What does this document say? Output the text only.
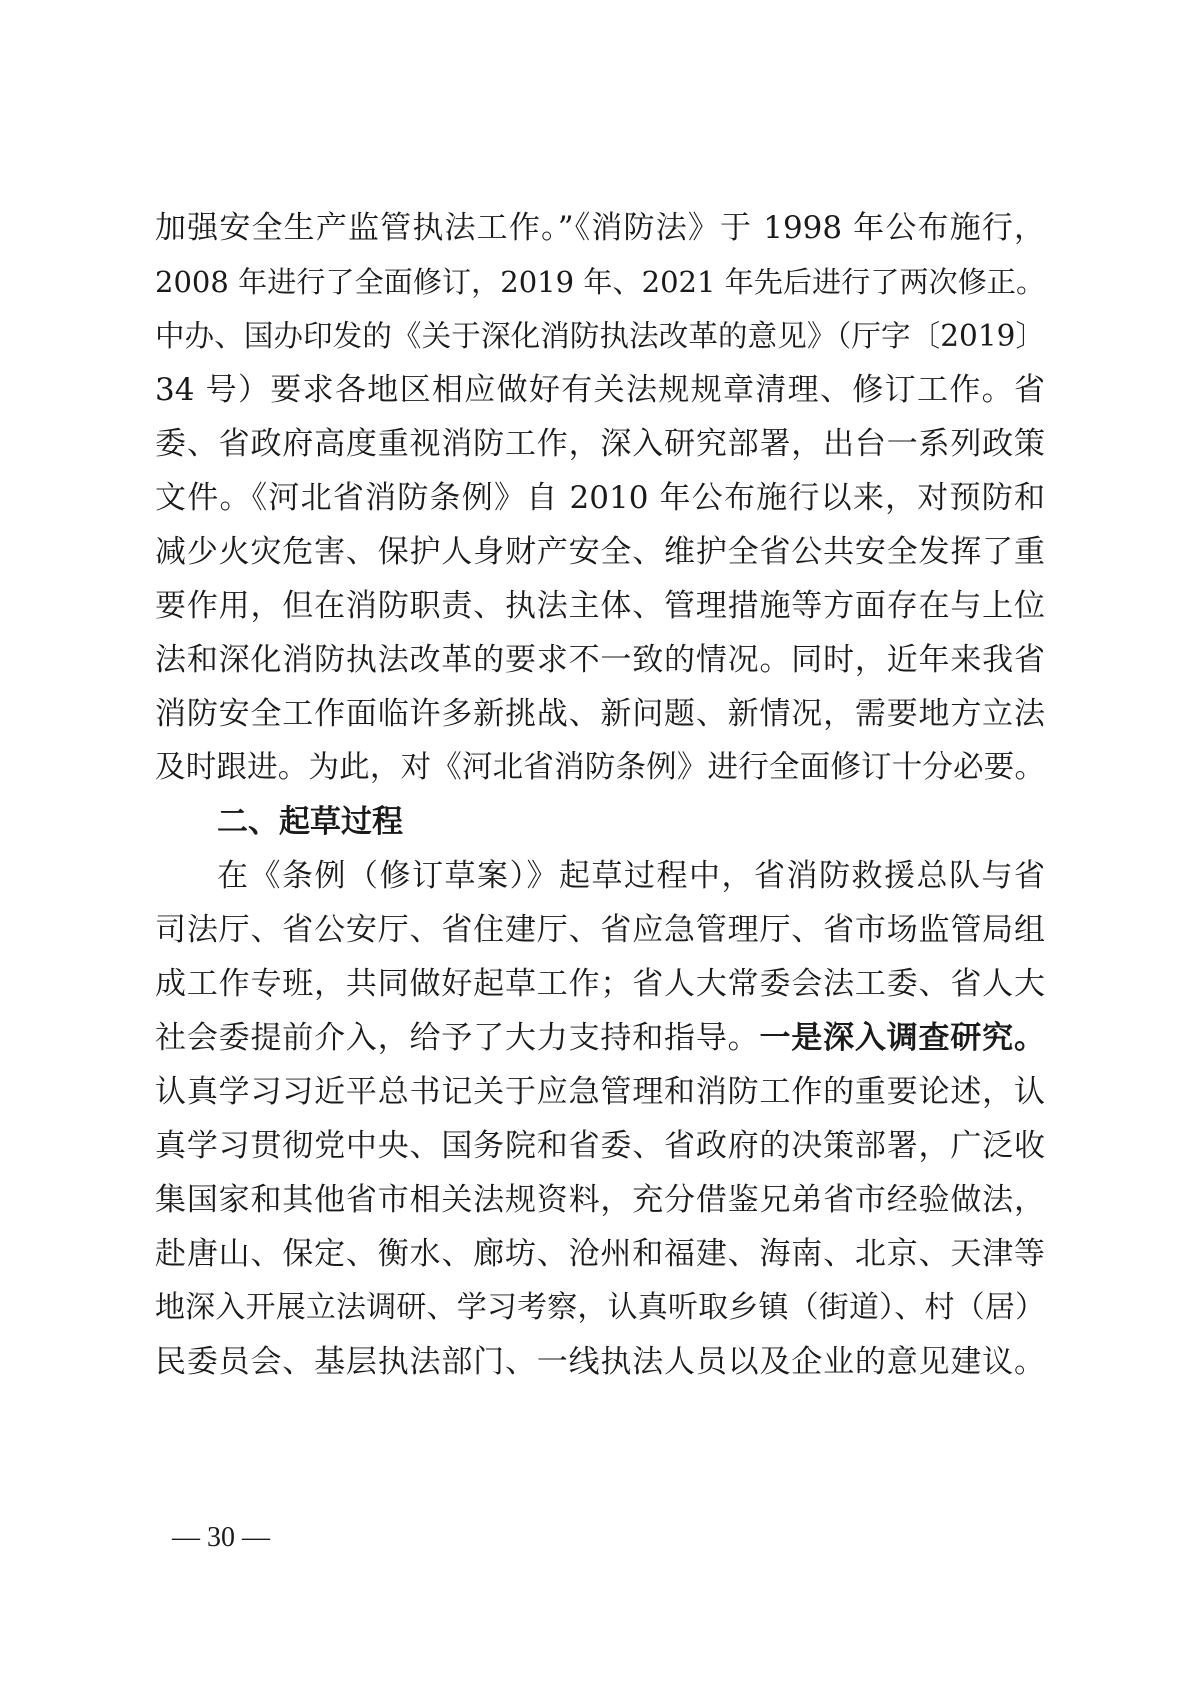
加强安全生产监管执法工作。”《消防法》于 1998 年公布施行，
2008 年进行了全面修订，2019 年、2021 年先后进行了两次修正。
中办、国办印发的《关于深化消防执法改革的意见》（厅字〔2019〕
34 号）要求各地区相应做好有关法规规章清理、修订工作。省
委、省政府高度重视消防工作，深入研究部署，出台一系列政策
文件。《河北省消防条例》自 2010 年公布施行以来，对预防和
减少火灾危害、保护人身财产安全、维护全省公共安全发挥了重
要作用，但在消防职责、执法主体、管理措施等方面存在与上位
法和深化消防执法改革的要求不一致的情况。同时，近年来我省
消防安全工作面临许多新挑战、新问题、新情况，需要地方立法
及时跟进。为此，对《河北省消防条例》进行全面修订十分必要。
二、起草过程
在《条例（修订草案）》起草过程中，省消防救援总队与省
司法厅、省公安厅、省住建厅、省应急管理厅、省市场监管局组
成工作专班，共同做好起草工作；省人大常委会法工委、省人大
社会委提前介入，给予了大力支持和指导。一是深入调查研究。
认真学习习近平总书记关于应急管理和消防工作的重要论述，认
真学习贯彻党中央、国务院和省委、省政府的决策部署，广泛收
集国家和其他省市相关法规资料，充分借鉴兄弟省市经验做法，
赴唐山、保定、衡水、廊坊、沧州和福建、海南、北京、天津等
地深入开展立法调研、学习考察，认真听取乡镇（街道）、村（居）
民委员会、基层执法部门、一线执法人员以及企业的意见建议。
— 30 —
